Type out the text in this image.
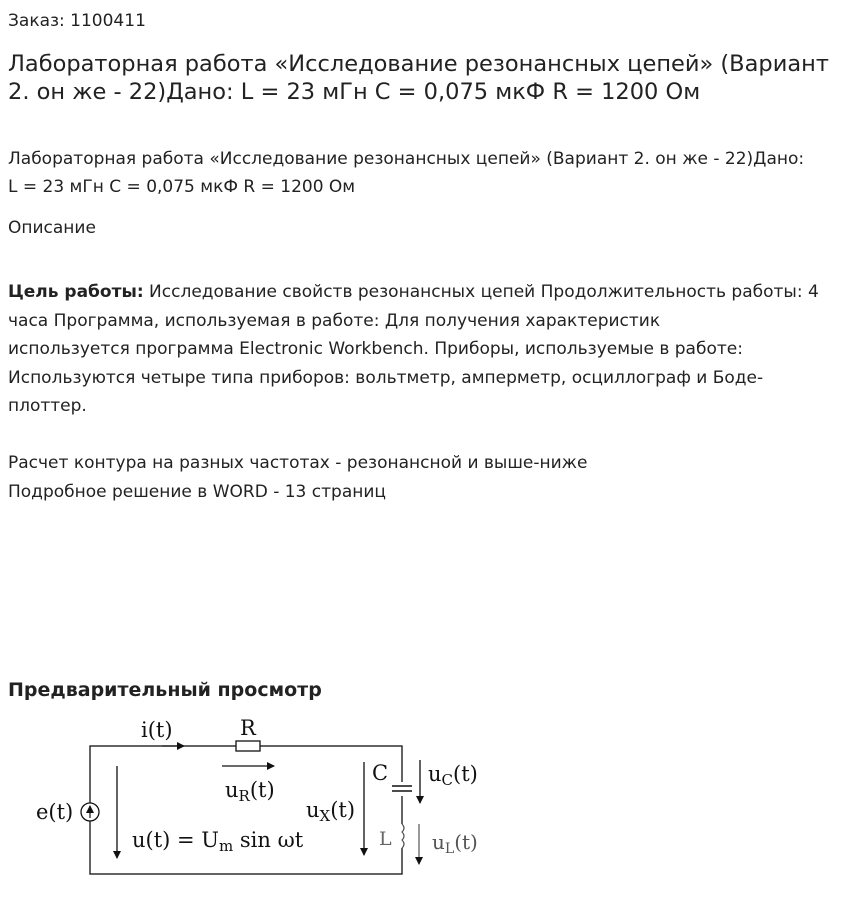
Заказ: 1100411
Лабораторная работа «Исследование резонансных цепей» (Вариант 2. он же - 22)Дано: L = 23 мГн C = 0,075 мкФ R = 1200 Ом
Лабораторная работа «Исследование резонансных цепей» (Вариант 2. он же - 22)Дано: L = 23 мГн C = 0,075 мкФ R = 1200 Ом
Описание

Цель работы: Исследование свойств резонансных цепей Продолжительность работы: 4 часа Программа, используемая в работе: Для получения характеристик

используется программа Electronic Workbench. Приборы, используемые в работе:

Используются четыре типа приборов: вольтметр, амперметр, осциллограф и Боде-плоттер.

Расчет контура на разных частотах - резонансной и выше-ниже

Подробное решение в WORD - 13 страниц

Предварительный просмотр
i(t)	R
uR(t)
C uC(t)
uX(t)
e(t)
u(t) = Um sin ωt	L $u_L(t)$
